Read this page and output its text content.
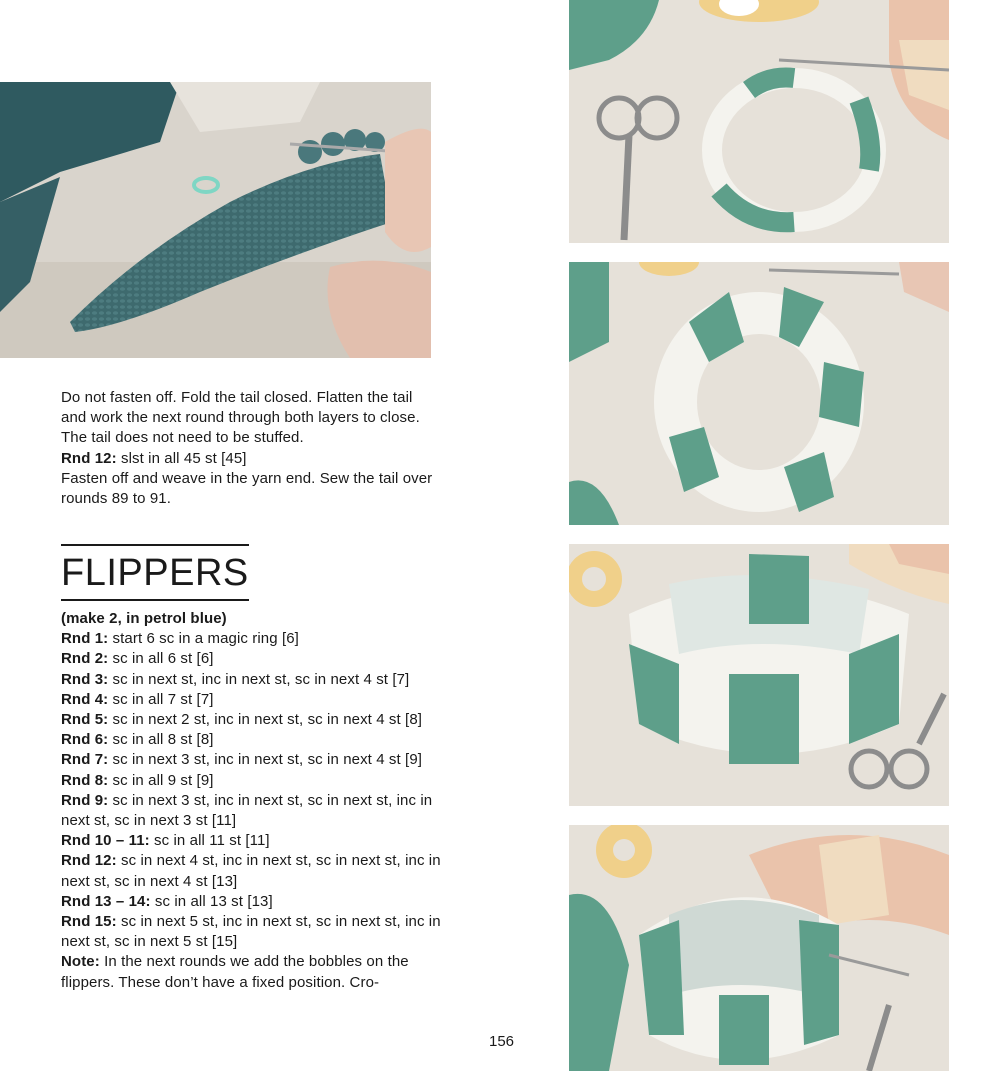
Do not fasten off. Fold the tail closed. Flatten the tail and work the next round through both layers to close. The tail does not need to be stuffed.

Rnd 12: slst in all 45 st [45]

Fasten off and weave in the yarn end. Sew the tail over rounds 89 to 91.

FLIPPERS

(make 2, in petrol blue)

Rnd 1: start 6 sc in a magic ring [6]

Rnd 2: sc in all 6 st [6]

Rnd 3: sc in next st, inc in next st, sc in next 4 st [7]

Rnd 4: sc in all 7 st [7]

Rnd 5: sc in next 2 st, inc in next st, sc in next 4 st [8]

Rnd 6: sc in all 8 st [8]

Rnd 7: sc in next 3 st, inc in next st, sc in next 4 st [9]

Rnd 8: sc in all 9 st [9]

Rnd 9: sc in next 3 st, inc in next st, sc in next st, inc in next st, sc in next 3 st [11]

Rnd 10 – 11: sc in all 11 st [11]

Rnd 12: sc in next 4 st, inc in next st, sc in next st, inc in next st, sc in next 4 st [13]

Rnd 13 – 14: sc in all 13 st [13]

Rnd 15: sc in next 5 st, inc in next st, sc in next st, inc in next st, sc in next 5 st [15]

Note: In the next rounds we add the bobbles on the flippers. These don’t have a fixed position. Cro-

156
